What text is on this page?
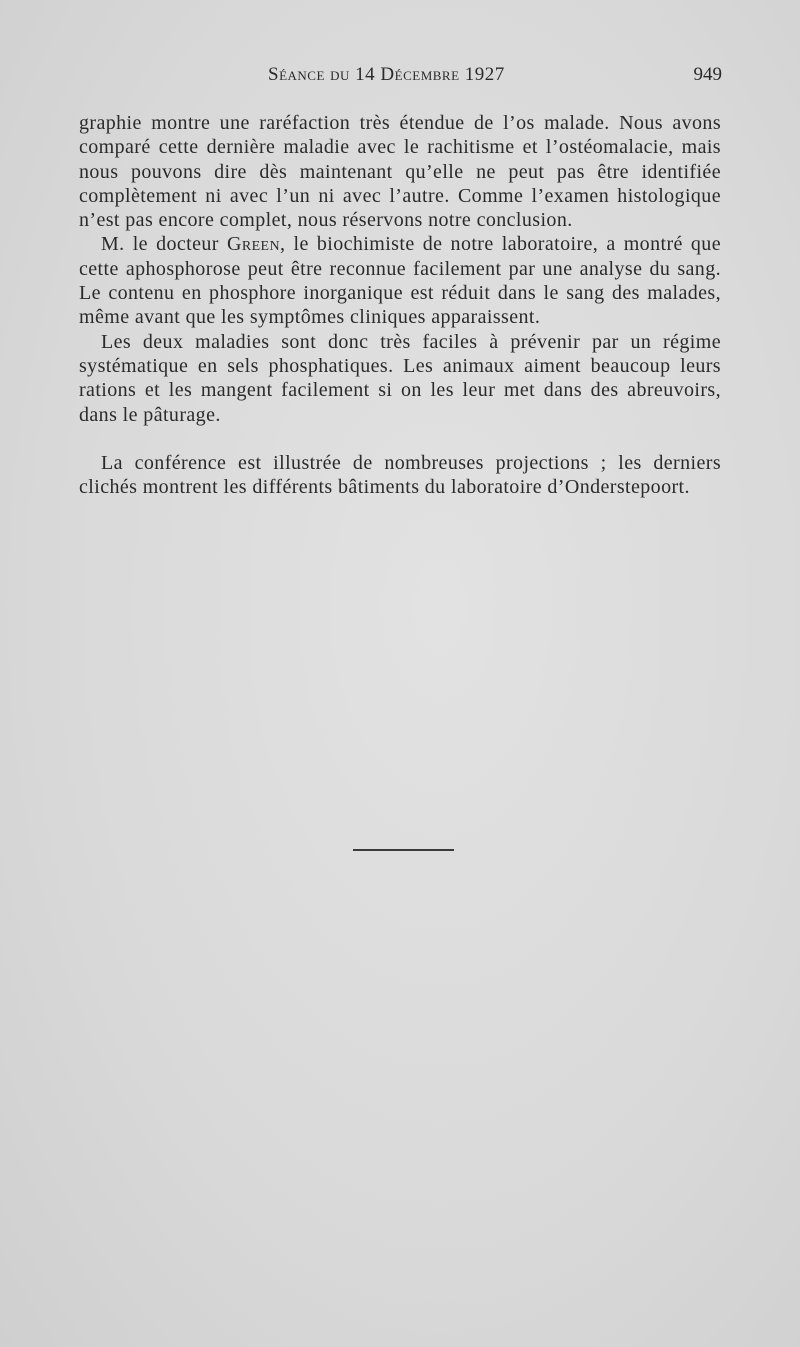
Séance du 14 Décembre 1927	949

graphie montre une raréfaction très étendue de l’os malade. Nous avons comparé cette dernière maladie avec le rachitisme et l’ostéomalacie, mais nous pouvons dire dès maintenant qu’elle ne peut pas être identifiée complètement ni avec l’un ni avec l’autre. Comme l’examen histologique n’est pas encore complet, nous réservons notre conclusion.

M. le docteur Green, le biochimiste de notre laboratoire, a montré que cette aphosphorose peut être reconnue facilement par une analyse du sang. Le contenu en phosphore inorganique est réduit dans le sang des malades, même avant que les symptômes cliniques apparaissent.

Les deux maladies sont donc très faciles à prévenir par un régime systématique en sels phosphatiques. Les animaux aiment beaucoup leurs rations et les mangent facilement si on les leur met dans des abreuvoirs, dans le pâturage.

La conférence est illustrée de nombreuses projections ; les derniers clichés montrent les différents bâtiments du laboratoire d’Onderstepoort.
